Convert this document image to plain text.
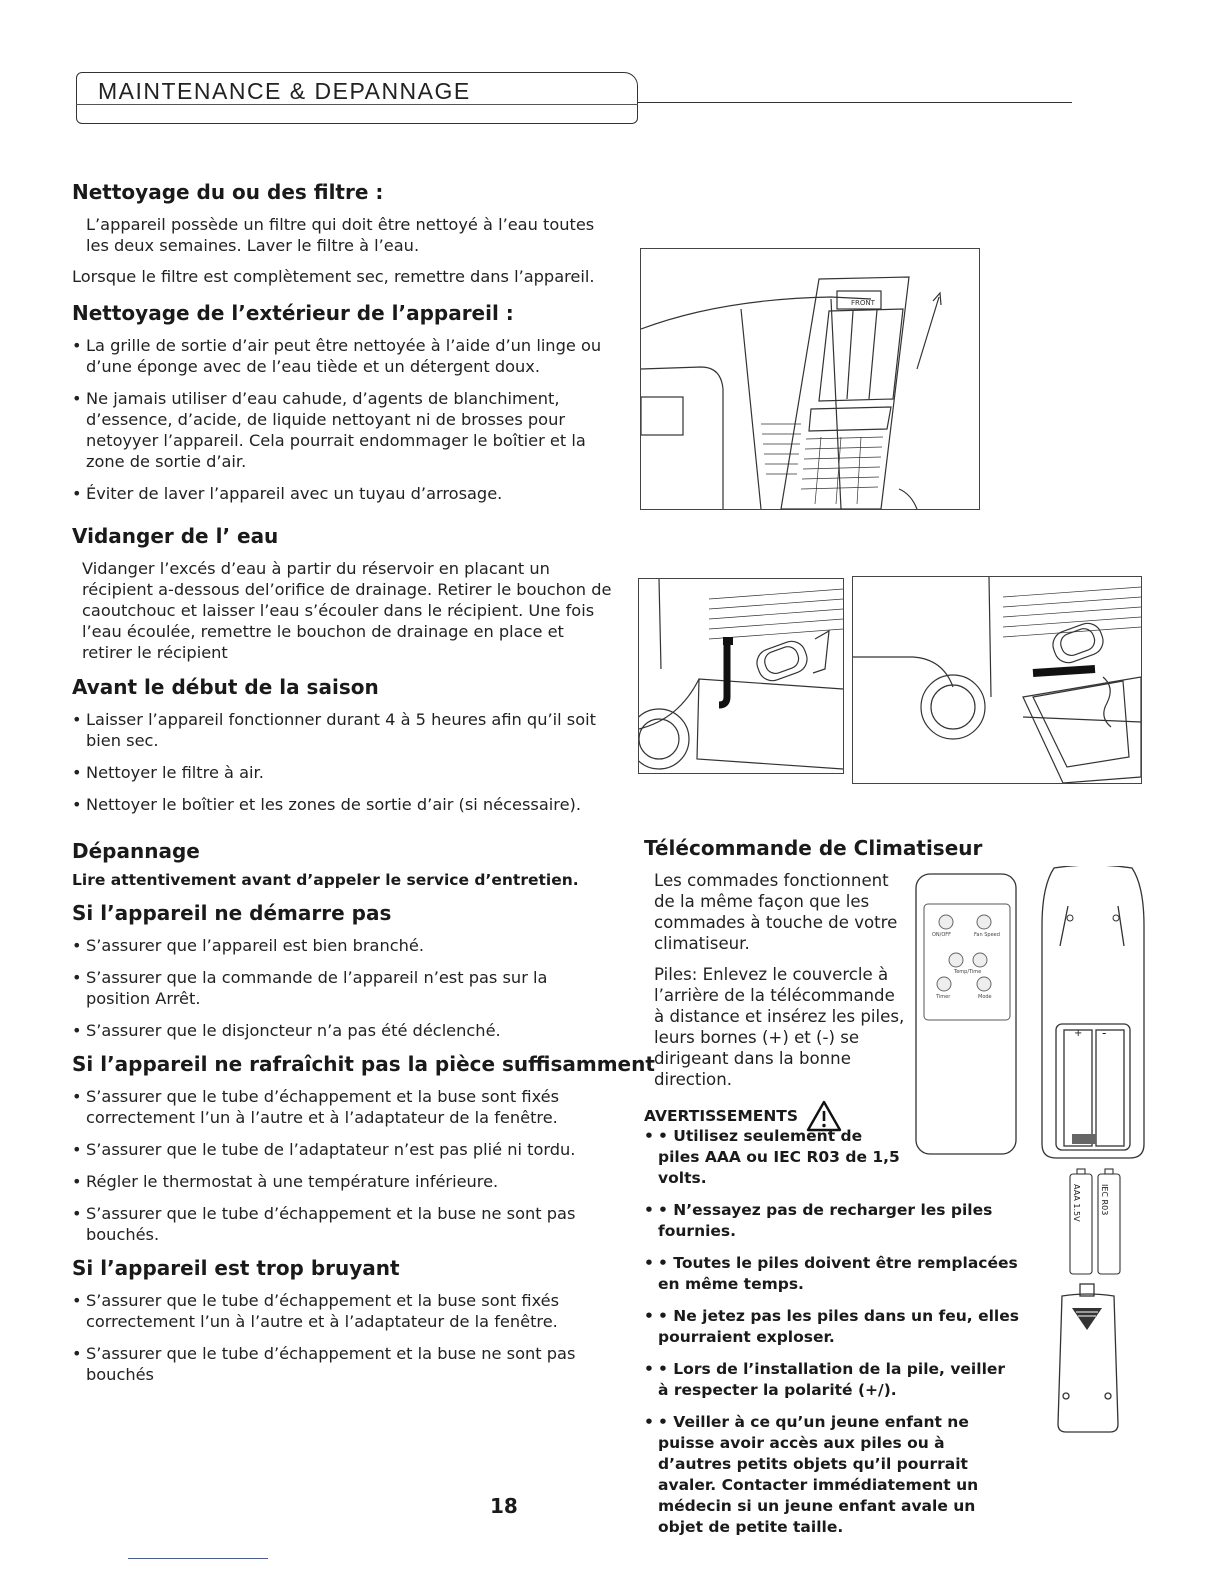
MAINTENANCE & DEPANNAGE
Nettoyage du ou des filtre :

L’appareil possède un filtre qui doit être nettoyé à l’eau toutes les deux semaines. Laver le filtre à l’eau.

Lorsque le filtre est complètement sec, remettre dans l’appareil.

Nettoyage de l’extérieur de l’appareil :
• La grille de sortie d’air peut être nettoyée à l’aide d’un linge ou d’une éponge avec de l’eau tiède et un détergent doux.
• Ne jamais utiliser d’eau cahude, d’agents de blanchiment, d’essence, d’acide, de liquide nettoyant ni de brosses pour netoyyer l’appareil. Cela pourrait endommager le boîtier et la zone de sortie d’air.
• Éviter de laver l’appareil avec un tuyau d’arrosage.
Vidanger de l’ eau

Vidanger l’excés d’eau à partir du réservoir en placant un récipient a-dessous del’orifice de drainage. Retirer le bouchon de caoutchouc et laisser l’eau s’écouler dans le récipient. Une fois l’eau écoulée, remettre le bouchon de drainage en place et retirer le récipient

Avant le début de la saison
• Laisser l’appareil fonctionner durant 4 à 5 heures afin qu’il soit bien sec.
• Nettoyer le filtre à air.
• Nettoyer le boîtier et les zones de sortie d’air (si nécessaire).
Dépannage
Lire attentivement avant d’appeler le service d’entretien.
Si l’appareil ne démarre pas
• S’assurer que l’appareil est bien branché.
• S’assurer que la commande de l’appareil n’est pas sur la position Arrêt.
• S’assurer que le disjoncteur n’a pas été déclenché.
Si l’appareil ne rafraîchit pas la pièce suffisamment
• S’assurer que le tube d’échappement et la buse sont fixés correctement l’un à l’autre et à l’adaptateur de la fenêtre.
• S’assurer que le tube de l’adaptateur n’est pas plié ni tordu.
• Régler le thermostat à une température inférieure.
• S’assurer que le tube d’échappement et la buse ne sont pas bouchés.
Si l’appareil est trop bruyant
• S’assurer que le tube d’échappement et la buse sont fixés correctement l’un à l’autre et à l’adaptateur de la fenêtre.
• S’assurer que le tube d’échappement et la buse ne sont pas bouchés
FRONT
Télécommande de Climatiseur

Les commades fonctionnent de la même façon que les commades à touche de votre climatiseur.

Piles: Enlevez le couvercle à l’arrière de la télécommande à distance et insérez les piles, leurs bornes (+) et (-) se dirigeant dans la bonne direction.

AVERTISSEMENTS
• • Utilisez seulement de piles AAA ou IEC R03 de 1,5 volts.
• • N’essayez pas de recharger les piles fournies.
• • Toutes le piles doivent être remplacées en même temps.
• • Ne jetez pas les piles dans un feu, elles pourraient exploser.
• • Lors de l’installation de la pile, veiller à respecter la polarité (+/).
• • Veiller à ce qu’un jeune enfant ne puisse avoir accès aux piles ou à d’autres petits objets qu’il pourrait avaler. Contacter immédiatement un médecin si un jeune enfant avale un objet de petite taille.
ON/OFF	Fan Speed
Temp/Time
Timer	Mode
+ -
AAA 1.5V IEC R03
18
